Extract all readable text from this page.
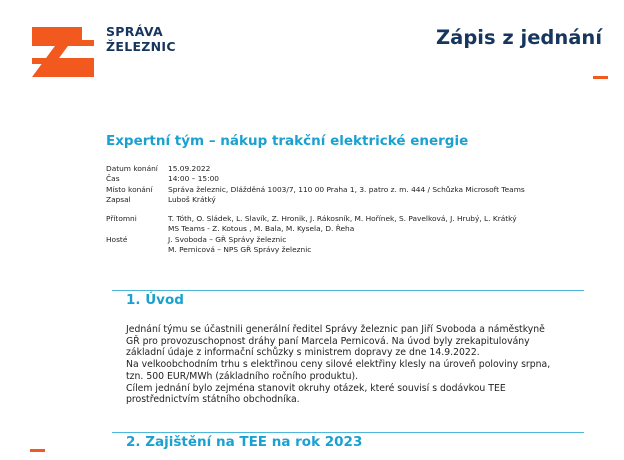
SPRÁVA
ŽELEZNIC	Zápis z jednání
Expertní tým – nákup trakční elektrické energie
Datum konání 15.09.2022
Čas	14:00 – 15:00
Místo konání Správa železnic, Dlážděná 1003/7, 110 00 Praha 1, 3. patro z. m. 444 / Schůzka Microsoft Teams
Zapsal	Luboš Krátký
Přítomni	T. Tóth, O. Sládek, L. Slavík, Z. Hronik, J. Rákosník, M. Hořínek, S. Pavelková, J. Hrubý, L. Krátký
MS Teams - Z. Kotous , M. Bala, M. Kysela, D. Řeha
Hosté	J. Svoboda – GŘ Správy železnic
M. Pernicová – NPS GŘ Správy železnic
1. Úvod
Jednání týmu se účastnili generální ředitel Správy železnic pan Jiří Svoboda a náměstkyně
GŘ pro provozuschopnost dráhy paní Marcela Pernicová. Na úvod byly zrekapitulovány
základní údaje z informační schůzky s ministrem dopravy ze dne 14.9.2022.
Na velkoobchodním trhu s elektřinou ceny silové elektřiny klesly na úroveň poloviny srpna,
tzn. 500 EUR/MWh (základního ročního produktu).
Cílem jednání bylo zejména stanovit okruhy otázek, které souvisí s dodávkou TEE
prostřednictvím státního obchodníka.
2. Zajištění na TEE na rok 2023
